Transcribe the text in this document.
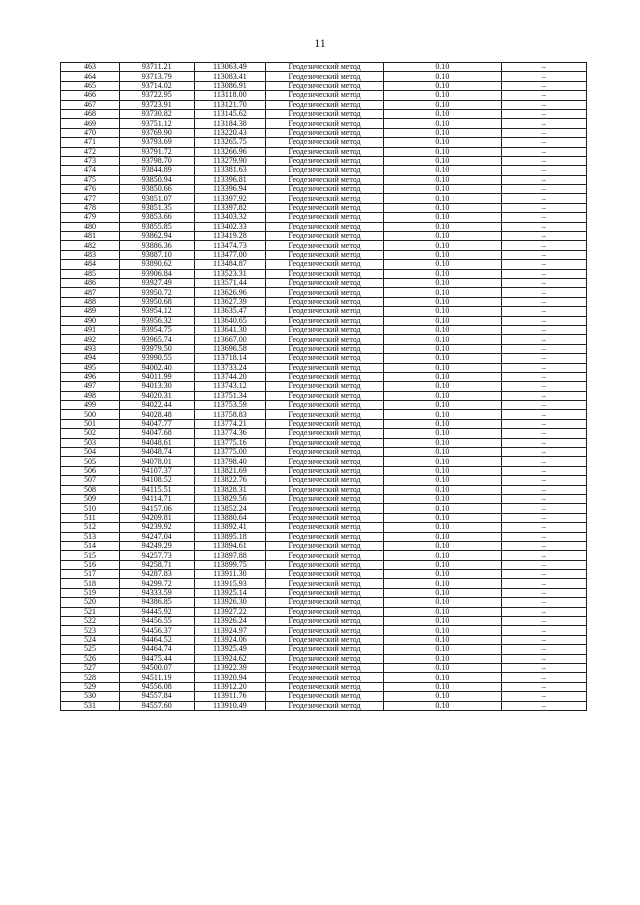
11
463	93711.21	113063.49	Геодезический метод	0.10	–
464	93713.79	113083.41	Геодезический метод	0.10	–
465	93714.02	113086.91	Геодезический метод	0.10	–
466	93722.95	113118.00	Геодезический метод	0.10	–
467	93723.91	113121.70	Геодезический метод	0.10	–
468	93730.82	113145.62	Геодезический метод	0.10	–
469	93751.12	113184.38	Геодезический метод	0.10	–
470	93769.90	113220.43	Геодезический метод	0.10	–
471	93793.69	113265.75	Геодезический метод	0.10	–
472	93791.72	113266.96	Геодезический метод	0.10	–
473	93798.70	113279.90	Геодезический метод	0.10	–
474	93844.89	113381.63	Геодезический метод	0.10	–
475	93850.94	113396.81	Геодезический метод	0.10	–
476	93850.66	113396.94	Геодезический метод	0.10	–
477	93851.07	113397.92	Геодезический метод	0.10	–
478	93851.35	113397.82	Геодезический метод	0.10	–
479	93853.66	113403.32	Геодезический метод	0.10	–
480	93855.85	113402.33	Геодезический метод	0.10	–
481	93862.94	113419.28	Геодезический метод	0.10	–
482	93886.36	113474.73	Геодезический метод	0.10	–
483	93887.10	113477.00	Геодезический метод	0.10	–
484	93890.62	113484.87	Геодезический метод	0.10	–
485	93906.84	113523.31	Геодезический метод	0.10	–
486	93927.49	113571.44	Геодезический метод	0.10	–
487	93950.72	113626.96	Геодезический метод	0.10	–
488	93950.68	113627.39	Геодезический метод	0.10	–
489	93954.12	113635.47	Геодезический метод	0.10	–
490	93956.32	113640.65	Геодезический метод	0.10	–
491	93954.75	113641.30	Геодезический метод	0.10	–
492	93965.74	113667.00	Геодезический метод	0.10	–
493	93979.50	113696.58	Геодезический метод	0.10	–
494	93990.55	113718.14	Геодезический метод	0.10	–
495	94002.40	113733.24	Геодезический метод	0.10	–
496	94011.99	113744.20	Геодезический метод	0.10	–
497	94013.30	113743.12	Геодезический метод	0.10	–
498	94020.31	113751.34	Геодезический метод	0.10	–
499	94022.44	113753.59	Геодезический метод	0.10	–
500	94028.48	113758.83	Геодезический метод	0.10	–
501	94047.77	113774.21	Геодезический метод	0.10	–
502	94047.68	113774.36	Геодезический метод	0.10	–
503	94048.61	113775.16	Геодезический метод	0.10	–
504	94048.74	113775.00	Геодезический метод	0.10	–
505	94078.01	113798.40	Геодезический метод	0.10	–
506	94107.37	113821.69	Геодезический метод	0.10	–
507	94108.52	113822.76	Геодезический метод	0.10	–
508	94115.51	113828.31	Геодезический метод	0.10	–
509	94114.71	113829.56	Геодезический метод	0.10	–
510	94157.06	113852.24	Геодезический метод	0.10	–
511	94209.81	113880.64	Геодезический метод	0.10	–
512	94239.92	113892.41	Геодезический метод	0.10	–
513	94247.04	113895.18	Геодезический метод	0.10	–
514	94249.29	113894.61	Геодезический метод	0.10	–
515	94257.73	113897.88	Геодезический метод	0.10	–
516	94258.71	113899.75	Геодезический метод	0.10	–
517	94287.83	113911.30	Геодезический метод	0.10	–
518	94299.72	113915.93	Геодезический метод	0.10	–
519	94333.59	113925.14	Геодезический метод	0.10	–
520	94386.85	113926.30	Геодезический метод	0.10	–
521	94445.92	113927.22	Геодезический метод	0.10	–
522	94456.55	113926.24	Геодезический метод	0.10	–
523	94456.37	113924.97	Геодезический метод	0.10	–
524	94464.52	113924.06	Геодезический метод	0.10	–
525	94464.74	113925.49	Геодезический метод	0.10	–
526	94475.44	113924.62	Геодезический метод	0.10	–
527	94500.07	113922.39	Геодезический метод	0.10	–
528	94511.19	113920.94	Геодезический метод	0.10	–
529	94556.08	113912.20	Геодезический метод	0.10	–
530	94557.84	113911.76	Геодезический метод	0.10	–
531	94557.60	113910.49	Геодезический метод	0.10	–
